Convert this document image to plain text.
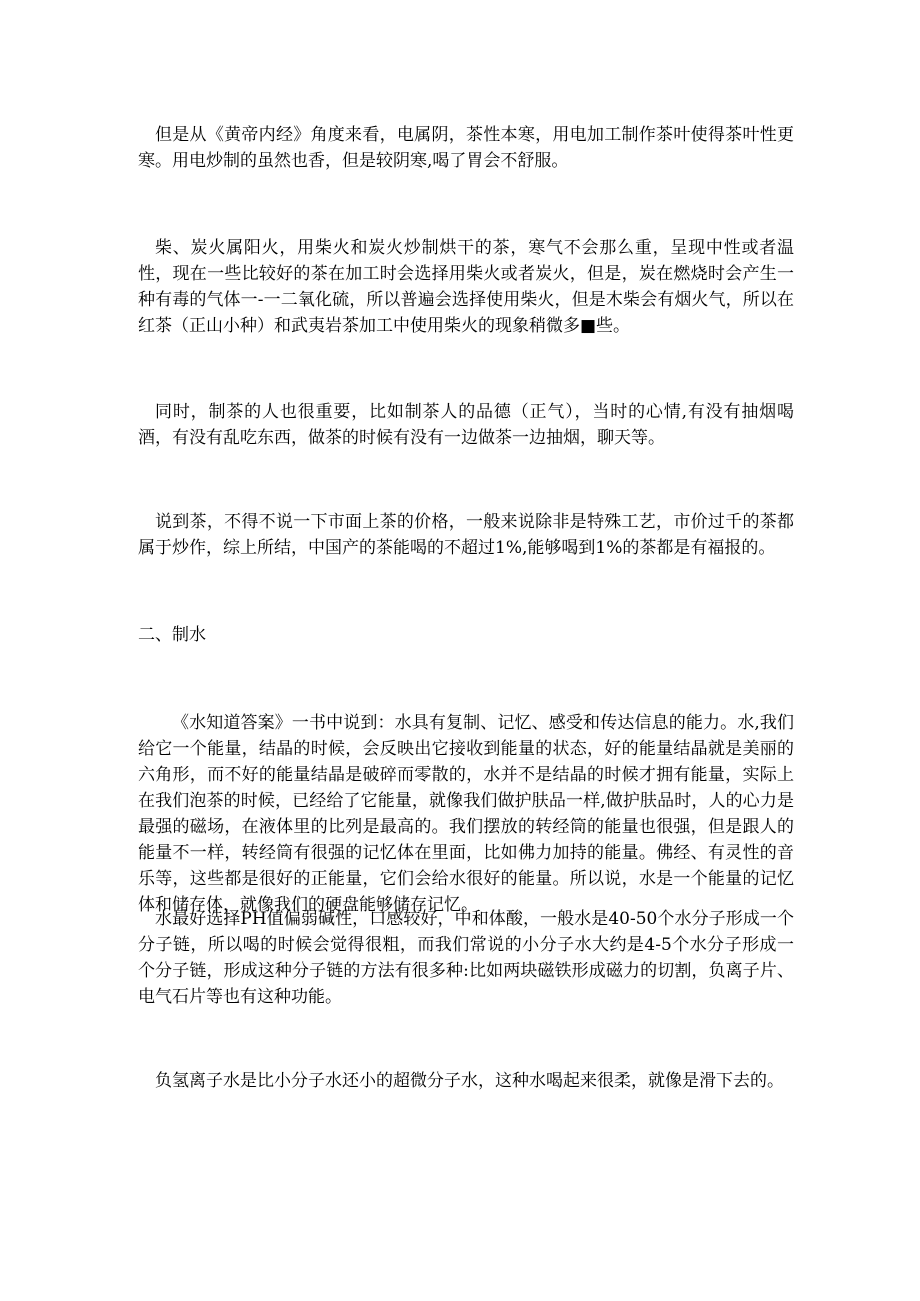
但是从《黄帝内经》角度来看，电属阴，茶性本寒，用电加工制作茶叶使得茶叶性更寒。用电炒制的虽然也香，但是较阴寒,喝了胃会不舒服。

柴、炭火属阳火，用柴火和炭火炒制烘干的茶，寒气不会那么重，呈现中性或者温性，现在一些比较好的茶在加工时会选择用柴火或者炭火，但是，炭在燃烧时会产生一种有毒的气体一-一二氧化硫，所以普遍会选择使用柴火，但是木柴会有烟火气，所以在红茶（正山小种）和武夷岩茶加工中使用柴火的现象稍微多■些。

同时，制茶的人也很重要，比如制茶人的品德（正气），当时的心情,有没有抽烟喝酒，有没有乱吃东西，做茶的时候有没有一边做茶一边抽烟，聊天等。

说到茶，不得不说一下市面上茶的价格，一般来说除非是特殊工艺，市价过千的茶都属于炒作，综上所结，中国产的茶能喝的不超过1%,能够喝到1%的茶都是有福报的。

二、制水

《水知道答案》一书中说到：水具有复制、记忆、感受和传达信息的能力。水,我们给它一个能量，结晶的时候，会反映出它接收到能量的状态，好的能量结晶就是美丽的六角形，而不好的能量结晶是破碎而零散的，水并不是结晶的时候才拥有能量，实际上在我们泡茶的时候，已经给了它能量，就像我们做护肤品一样,做护肤品时，人的心力是最强的磁场，在液体里的比列是最高的。我们摆放的转经筒的能量也很强，但是跟人的能量不一样，转经筒有很强的记忆体在里面，比如佛力加持的能量。佛经、有灵性的音乐等，这些都是很好的正能量，它们会给水很好的能量。所以说，水是一个能量的记忆体和储存体，就像我们的硬盘能够储存记忆。

水最好选择PH值偏弱碱性，口感较好，中和体酸，一般水是40-50个水分子形成一个分子链，所以喝的时候会觉得很粗，而我们常说的小分子水大约是4-5个水分子形成一个分子链，形成这种分子链的方法有很多种:比如两块磁铁形成磁力的切割，负离子片、电气石片等也有这种功能。

负氢离子水是比小分子水还小的超微分子水，这种水喝起来很柔，就像是滑下去的。
